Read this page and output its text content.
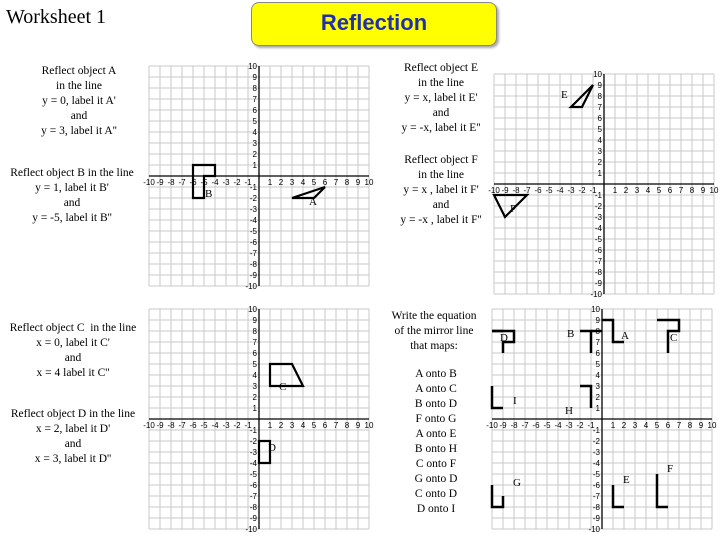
Worksheet 1	Reflection
Reflect object A
in the line
y = 0, label it A'
and
y = 3, label it A''
Reflect object B in the line
y = 1, label it B'
and
y = -5, label it B''
Reflect object C  in the line
x = 0, label it C'
and
x = 4 label it C''
Reflect object D in the line
x = 2, label it D'
and
x = 3, label it D''
Reflect object E
in the line
y = x, label it E'
and
y = -x, label it E''
Reflect object F
in the line
y = x , label it F'
and
y = -x , label it F''
Write the equation
of the mirror line
that maps:
A onto B
A onto C
B onto D
F onto G
A onto E
B onto H
C onto F
G onto D
C onto D
D onto I
-10
-10
-9
-9
-8
-8
-7
-7
-6
-6
-5
-5
-4
-4
-3
-3
-2
-2
-1
-1
1
1
2
2
3
3
4
4
5
5
6
6
7
7
8
8
9
9
10
10
-10
-10
-9
-9
-8
-8
-7
-7
-6
-6
-5
-5
-4
-4
-3
-3
-2
-2
-1
-1
1
1
2
2
3
3
4
4
5
5
6
6
7
7
8
8
9
9
10
10
-10
-10
-9
-9
-8
-8
-7
-7
-6
-6
-5
-5
-4
-4
-3
-3
-2
-2
-1
-1
1
1
2
2
3
3
4
4
5
5
6
6
7
7
8
8
9
9
10
10
-10
-10
-9
-9
-8
-8
-7
-7
-6
-6
-5
-5
-4
-4
-3
-3
-2
-2
-1
-1
1
1
2
2
3
3
4
4
5
5
6
6
7
7
8
8
9
9
10
10
A
B
C
D
E
F
D	B	A	C
I
H
G	E
F
